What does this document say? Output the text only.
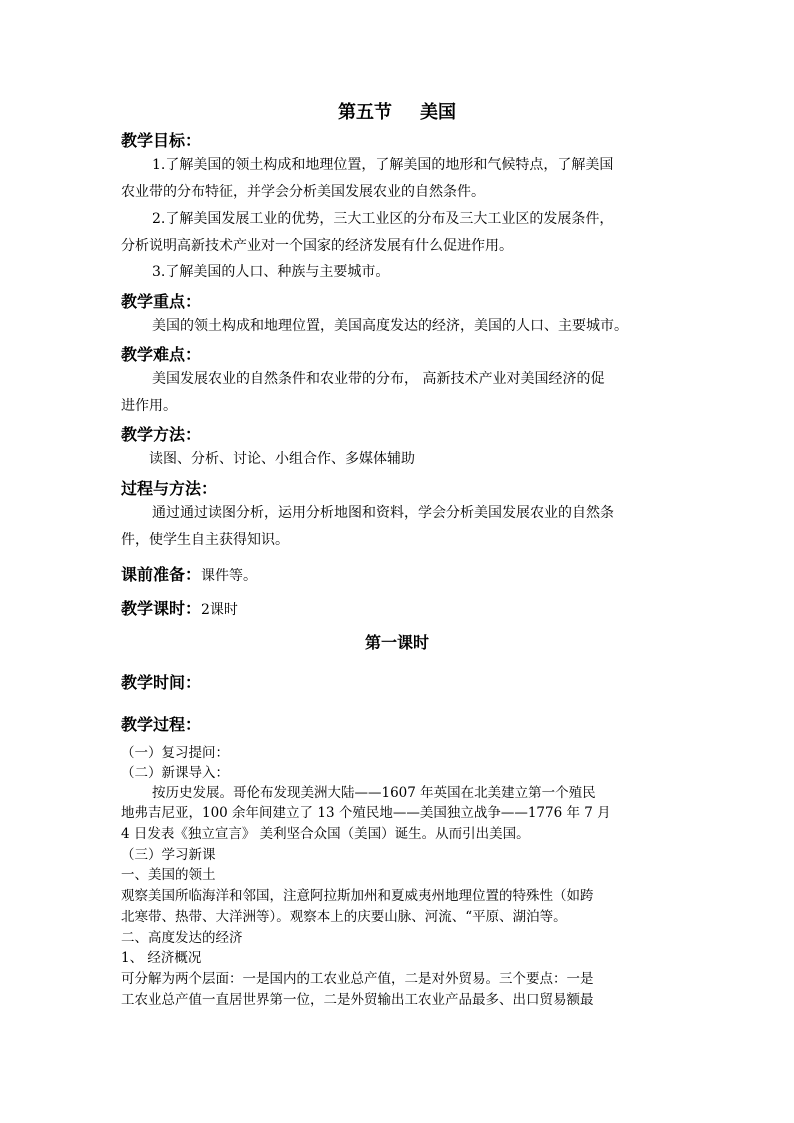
第五节 美国
教学目标：
1.了解美国的领土构成和地理位置，了解美国的地形和气候特点，了解美国
农业带的分布特征，并学会分析美国发展农业的自然条件。
2.了解美国发展工业的优势，三大工业区的分布及三大工业区的发展条件，
分析说明高新技术产业对一个国家的经济发展有什么促进作用。
3.了解美国的人口、种族与主要城市。
教学重点：
美国的领土构成和地理位置，美国高度发达的经济，美国的人口、主要城市。
教学难点：
美国发展农业的自然条件和农业带的分布， 高新技术产业对美国经济的促
进作用。
教学方法：
读图、分析、讨论、小组合作、多媒体辅助
过程与方法：
通过通过读图分析，运用分析地图和资料，学会分析美国发展农业的自然条
件，使学生自主获得知识。
课前准备：课件等。
教学课时：2课时
第一课时
教学时间：
教学过程：
（一）复习提问：
（二）新课导入：
按历史发展。哥伦布发现美洲大陆——1607 年英国在北美建立第一个殖民
地弗吉尼亚，100 余年间建立了 13 个殖民地——美国独立战争——1776 年 7 月
4 日发表《独立宣言》 美利坚合众国（美国）诞生。从而引出美国。
（三）学习新课
一、美国的领土
观察美国所临海洋和邻国，注意阿拉斯加州和夏威夷州地理位置的特殊性（如跨
北寒带、热带、大洋洲等）。观察本上的庆要山脉、河流、“平原、湖泊等。
二、高度发达的经济
1、 经济概况
可分解为两个层面：一是国内的工农业总产值，二是对外贸易。三个要点：一是
工农业总产值一直居世界第一位，二是外贸输出工农业产品最多、出口贸易额最
